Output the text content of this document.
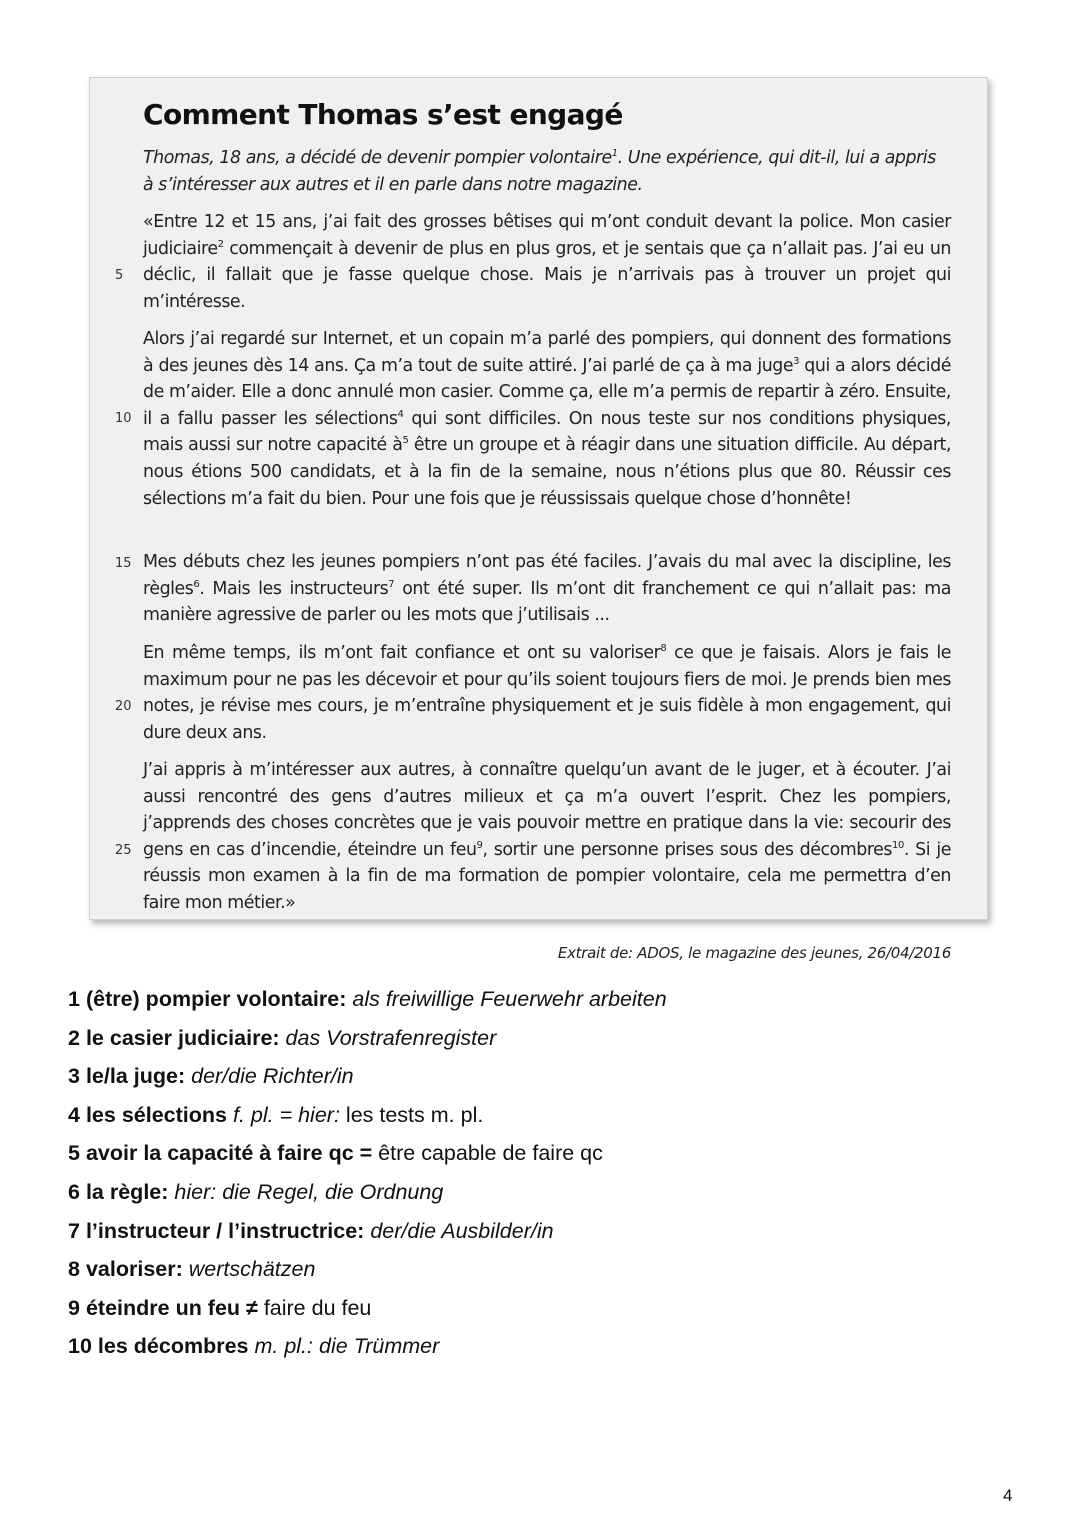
Comment Thomas s’est engagé

Thomas, 18 ans, a décidé de devenir pompier volontaire$^1$. Une expérience, qui dit-il, lui a appris à s’intéresser aux autres et il en parle dans notre magazine.

«Entre 12 et 15 ans, j’ai fait des grosses bêtises qui m’ont conduit devant la police. Mon casier judiciaire$^2$ commençait à devenir de plus en plus gros, et je sentais que ça n’allait pas. J’ai eu un déclic, il fallait que je fasse quelque chose. Mais je n’arrivais pas à trouver un projet qui m’intéresse.

Alors j’ai regardé sur Internet, et un copain m’a parlé des pompiers, qui donnent des formations à des jeunes dès 14 ans. Ça m’a tout de suite attiré. J’ai parlé de ça à ma juge$^3$ qui a alors décidé de m’aider. Elle a donc annulé mon casier. Comme ça, elle m’a permis de repartir à zéro. Ensuite, il a fallu passer les sélections$^4$ qui sont difficiles. On nous teste sur nos conditions physiques, mais aussi sur notre capacité $à^5$ être un groupe et à réagir dans une situation difficile. Au départ, nous étions 500 candidats, et à la fin de la semaine, nous n’étions plus que 80. Réussir ces sélections m’a fait du bien. Pour une fois que je réussissais quelque chose d’honnête!

Mes débuts chez les jeunes pompiers n’ont pas été faciles. J’avais du mal avec la discipline, les règles$^6$. Mais les instructeurs$^7$ ont été super. Ils m’ont dit franchement ce qui n’allait pas: ma manière agressive de parler ou les mots que j’utilisais ...

En même temps, ils m’ont fait confiance et ont su valoriser$^8$ ce que je faisais. Alors je fais le maximum pour ne pas les décevoir et pour qu’ils soient toujours fiers de moi. Je prends bien mes notes, je révise mes cours, je m’entraîne physiquement et je suis fidèle à mon engagement, qui dure deux ans.

J’ai appris à m’intéresser aux autres, à connaître quelqu’un avant de le juger, et à écouter. J’ai aussi rencontré des gens d’autres milieux et ça m’a ouvert l’esprit. Chez les pompiers, j’apprends des choses concrètes que je vais pouvoir mettre en pratique dans la vie: secourir des gens en cas d’incendie, éteindre un feu$^9$, sortir une personne prises sous des décombres$^{10}$. Si je réussis mon examen à la fin de ma formation de pompier volontaire, cela me permettra d’en faire mon métier.»

5
10
15
20
25
Extrait de: ADOS, le magazine des jeunes, 26/04/2016
1 (être) pompier volontaire: als freiwillige Feuerwehr arbeiten
2 le casier judiciaire: das Vorstrafenregister
3 le/la juge: der/die Richter/in
4 les sélections f. pl. = hier: les tests m. pl.
5 avoir la capacité à faire qc = être capable de faire qc
6 la règle: hier: die Regel, die Ordnung
7 l’instructeur / l’instructrice: der/die Ausbilder/in
8 valoriser: wertschätzen
9 éteindre un feu ≠ faire du feu
10 les décombres m. pl.: die Trümmer
4
